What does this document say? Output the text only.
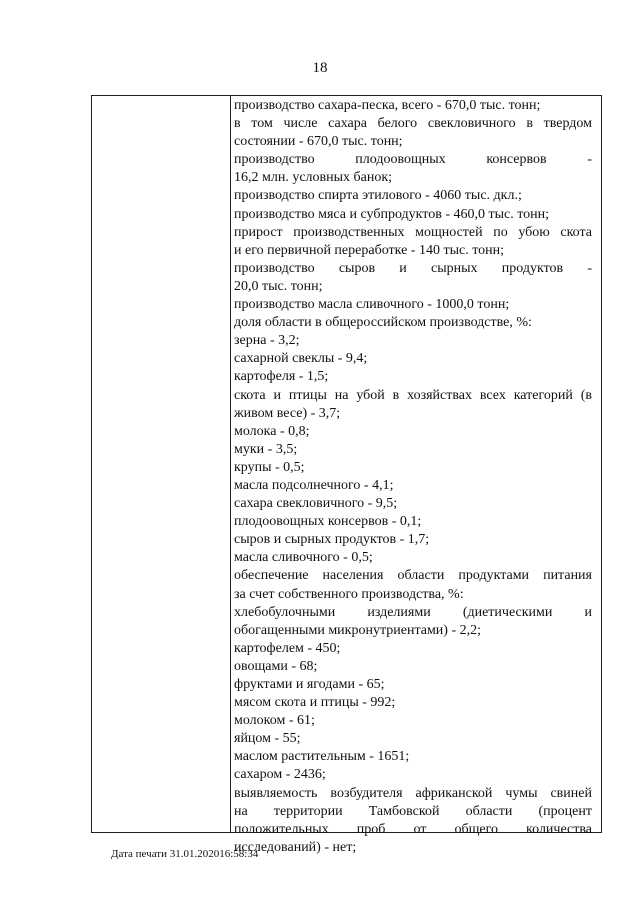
18
производство сахара-песка, всего - 670,0 тыс. тонн;
в том числе сахара белого свекловичного в твердом
состоянии - 670,0 тыс. тонн;
производство плодоовощных консервов -
16,2 млн. условных банок;
производство спирта этилового - 4060 тыс. дкл.;
производство мяса и субпродуктов - 460,0 тыс. тонн;
прирост производственных мощностей по убою скота
и его первичной переработке - 140 тыс. тонн;
производство сыров и сырных продуктов -
20,0 тыс. тонн;
производство масла сливочного - 1000,0 тонн;
доля области в общероссийском производстве, %:
зерна - 3,2;
сахарной свеклы - 9,4;
картофеля - 1,5;
скота и птицы на убой в хозяйствах всех категорий (в
живом весе) - 3,7;
молока - 0,8;
муки - 3,5;
крупы - 0,5;
масла подсолнечного - 4,1;
сахара свекловичного - 9,5;
плодоовощных консервов - 0,1;
сыров и сырных продуктов - 1,7;
масла сливочного - 0,5;
обеспечение населения области продуктами питания
за счет собственного производства, %:
хлебобулочными изделиями (диетическими и
обогащенными микронутриентами) - 2,2;
картофелем - 450;
овощами - 68;
фруктами и ягодами - 65;
мясом скота и птицы - 992;
молоком - 61;
яйцом - 55;
маслом растительным - 1651;
сахаром - 2436;
выявляемость возбудителя африканской чумы свиней
на территории Тамбовской области (процент
положительных проб от общего количества
исследований) - нет;
Дата печати 31.01.202016:58:34
